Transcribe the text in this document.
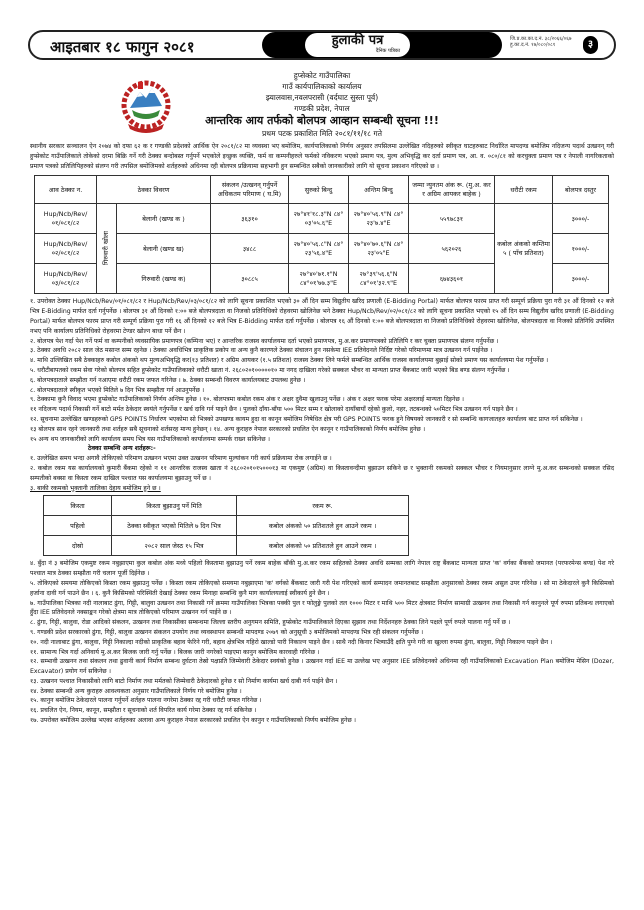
आइतबार १८ फागुन २०८१	हुलाकी पत्र
दैनिक पत्रिका
जि.प्र.का.का.द.नं. ३८/२०६६/०६७ हु.का.द.नं. १७/०८०/०८१	३
हुप्सेकोट गाउँपालिका
गाउँ कार्यपालिकाको कार्यालय
झ्यालवास,नवलपरासी (वर्दघाट सुस्ता पूर्व)
गण्डकी प्रदेश, नेपाल
आन्तरिक आय तर्फको बोलपत्र आव्हान सम्बन्धी सूचना !!!
प्रथम पटक प्रकाशित मिति २०८१/११/१८ गते
स्थानीय सरकार सञ्चालन ऐन २०७४ को दफा ६२ क र गण्डकी प्रदेशको आर्थिक ऐन २०८१/८२ मा व्यवस्था भए बमोजिम, कार्यपालिकाको निर्णय अनुसार तपसिलमा उल्लेखित नदिहरुको स्वीकृत घाटहरुबाट निर्धारित मापदण्ड बमोजिम नदिजन्य पदार्थ उत्खनन् गरी हुप्सेकोट गाउँपालिकाले तोकेको दरमा बिक्रि गर्ने गरी ठेक्का बन्दोबस्त गर्नुपर्ने भएकोले इच्छुक व्यक्ति, फर्म वा कम्पनीहरुले फर्मको नविकरण भएको प्रमाण पत्र, मुल्य अभिवृद्धि कर दर्ता प्रमाण पत्र, आ. व. ०८०/८१ को करचुक्ता प्रमाण पत्र र नेपाली नागरिकताको प्रमाण पत्रको प्रतिलिपिहरुको संलग्न गरी तपसिल बमोजिमको शर्तहरुको अधिनमा रही बोलपत्र प्रक्रियामा सहभागी हुन सम्बन्धित सबैको जानकारीको लागि यो सूचना प्रकाशन गरिएको छ ।
आव ठेक्का न.	ठेक्का विवरण		संकलन /उत्खनन् गर्नुपर्ने अधिकतम परिमाण ( घ.मि)	सुरुको बिन्दु	अन्तिम बिन्दु	जम्मा न्युनतम अंक रू. (मु.अ. कर र अग्रिम आयकर बाहेक )	धरौटी रकम	बोलपत्र दस्तुर
Hup/Ncb/Rev/ ०१/०८१/८२	गिरुवारी खोला	बेलानी (खण्ड क )	३६३१०	२७°४१'१८.३"N ८४° ०३'०५.६"E	२७°४०'५६.९"N ८४° २३'७.४"E	५५९७८३१	कबोल अंकको कम्तिमा ५ ( पाँच प्रतिशत)	३०००/-
Hup/Ncb/Rev/ ०२/०८१/८२		बेलानी (खण्ड ख)	३४८८	२७°४०'५६.८"N ८४° २३'५६.४"E	२७°४०'७०.६"N ८४° २३'०५"E	५६२०२६		१०००/-
Hup/Ncb/Rev/ ०३/०८१/८२		गिरुवारी (खण्ड क)	३०८८५	२७°४०'७१.१"N ८४°०१'७७.३"E	२७°३९'५६.६"N ८४°०१'३२.९"E	६७४३६०१		३०००/-

१. उपरोक्त ठेक्का Hup/Ncb/Rev/०१/०८१/८२ र Hup/Ncb/Rev/०३/०८१/८२ को लागि सूचना प्रकाशित भएको ३० औं दिन सम्म विद्युतीय खरिद प्रणाली (E-Bidding Portal) मार्फत बोलपत्र फारम प्राप्त गरी सम्पूर्ण प्रक्रिया पुरा गरी ३१ औं दिनको १२ बजे भित्र E-Bidding मार्फत दर्ता गर्नुपर्नेछ । बोलपत्र ३१ औं दिनको १:०० बजे बोलपत्रदाता वा निजको प्रतिनिधिको रोहवरमा खोलिनेछ भने ठेक्का Hup/Ncb/Rev/०२/०८१/८२ को लागि सूचना प्रकाशित भएको १५ औं दिन सम्म विद्युतीय खरिद प्रणाली (E-Bidding Portal) मार्फत बोलपत्र फारम प्राप्त गरी सम्पूर्ण प्रक्रिया पुरा गरी १६ औं दिनको १२ बजे भित्र E-Bidding मार्फत दर्ता गर्नुपर्नेछ । बोलपत्र १६ औं दिनको १:०० बजे बोलपत्रदाता वा निजको प्रतिनिधिको रोहवरमा खोलिनेछ, बोलपत्रदाता वा निजको प्रतिनिधि उपस्थित नभए पनि कार्यालय प्रतिनिधिको रोहवरमा टेण्डर खोल्न बाधा पर्ने छैन ।

२. बोलपत्र पेश गर्दा पेश गर्ने फर्म वा कम्पनीको व्यवसायिक प्रमाणपत्र (कम्पिना भए) र आन्तरिक राजस्व कार्यालयमा दर्ता भएको प्रमाणपत्र, मु.अ.कर प्रमाणपत्रको प्रतिलिपि र कर चुक्ता प्रमाणपत्र संलग्न गर्नुपर्नेछ ।

३. ठेक्का अवधि २०८२ साल जेठ मसान्त सम्म रहनेछ । ठेक्का अवधिभित्र प्राकृतिक प्रकोप वा अन्य कुनै कारणले ठेक्का संचालन हुन नसकेमा IEE प्रतिवेदनले निर्दिष्ट गरेको परिमाणमा मात्र उत्खनन गर्न पाईनेछ ।

४. माथि उल्लिखित सबै ठेक्काहरु कबोल अंकको थप मुल्यअभिवृद्धि कर(१३ प्रतिशत) र अग्रिम आयकर (१.५ प्रतिशत) राजस्व ठेक्का लिने फर्मले सम्बन्धित आर्थिक राजस्व कार्यालयमा बुझाई सोको प्रमाण यस कार्यालयमा पेश गर्नुपर्नेछ ।

५. धरौटीबापतको रकम सेवा गरेको बोलपत्र सहित हुप्सेकोट गाउँपालिकाको धरौटी खाता नं. २६८०२०१०००००१० मा नगद दाखिला गरेको सक्कल भौचर वा मान्यता प्राप्त बैंकबाट जारी भएको बिड बण्ड संलग्न गर्नुपर्नेछ ।

६. बोलपत्रदाताले सम्झौता गर्न नआएमा धरौटी रकम जफत गरिनेछ । ७. ठेक्का सम्बन्धी विवरण कार्यालयबाट उपलब्ध हुनेछ ।

८. बोलपत्रदाताले स्वीकृत भएको मितिले ७ दिन भित्र सम्झौता गर्न आउनुपर्नेछ ।

९. ठेक्कामा कुनै विवाद भएमा हुप्सेकोट गाउँपालिकाको निर्णय अन्तिम हुनेछ । १०. बोलपत्रमा कबोल रकम अंक र अक्षर दुवैमा खुलाउनु पर्नेछ । अंक र अक्षर फरक परेमा अक्षरलाई मान्यता दिइनेछ ।

११ नदिजन्य पदार्थ निकासी गर्ने बाटो मर्मत ठेकेदार स्वयंले गर्नुपर्नेछ र खर्च दावि गर्न पाइने छैन । पुलको दाँया-बाँया ५०० मिटर सम्म र खोलाको दायाँबायाँ रहेको कुलो, नहर, तटबन्धको ५०मिटर भित्र उत्खनन गर्न पाइने छैन ।

१२. सूचनामा उल्लेखित खण्डहरुको GPS POINTS निर्धारण भएकोमा सो भित्रको उपखण्ड कायम हुदा वा कानून बमोजिम निषेधित क्षेत्र परी GPS POINTS फरक हुने विषयको जानकारी र सो सम्बन्धि कागजातहरु कार्यालय बाट प्राप्त गर्न सकिनेछ ।

१३ बोलपत्र साथ रहने जानकारी तथा शर्तहरु सबै सूचनाको शर्तसरह मान्य हुनेछन् । १४. अन्य कुराहरु नेपाल सरकारको प्रचलित ऐन कानून र गाउँपालिकाको निर्णय बमोजिम हुनेछ ।

१५ अन्य थप जानकारीको लागि कार्यालय समय भित्र यस गाउँपालिकाको कार्यालयमा सम्पर्क राख्न सकिनेछ ।

ठेक्का सम्बन्धि अन्य शर्तहरू:-

१. उल्लेखित समय भन्दा अगावै तोकिएको परिमाण उत्खनन भएमा उक्त उत्खनन परिमाण मुल्यांकन गरी कार्य प्रक्रियामा रोक लगाईने छ ।

२. कबोल रकम यस कार्यालयको कुमारी बैंकमा रहेको न ११ आन्तरिक राजस्व खाता नं २६८०२०१०१५०००१३ मा एकमुष्ट (अग्रिम) वा किस्तावन्दीमा बुझाउन सकिने छ र भुक्तानी रकमको सक्कल भौचर र नियमानुसार लाग्ने मु.अ.कर सम्बन्धको सक्कल रसिद सम्पतीको बक्सा वा किस्ता रकम दाखिल पश्चात यस कार्यालयमा बुझाउनु पर्ने छ ।

३. बाकी रकमको भुक्तानी तालिका देहाय बमोजिम हुने छ ।

किस्ता	किस्ता बुझाउनु पर्ने मिति	रकम रू.
पहिलो	ठेक्का स्वीकृत भएको मितिले ७ दिन भित्र	कबोल अंकको ५० प्रतिशतले हुन आउने रकम ।
दोस्रो	२०८२ साल जेस्ठ १५ भित्र	कबोल अंकको ५० प्रतिशतले हुन आउने रकम ।

४. बुँदा नं ३ बमोजिम एकमुष्ट रकम नबुझाएमा कुल कबोल अंक मध्ये पहिलो किस्तामा बुझाउनु पर्ने रकम बाहेक बाँकी मु.अ.कर रकम सहितको ठेक्का अवधि सम्मका लागि नेपाल राष्ट्र बैंकबाट मान्यता प्राप्त 'क' वर्गका बैंकको जमानत (परफरमेन्स बण्ड) पेश गरे पश्चात मात्र ठेक्का सम्झौता गरी चलान पूर्जी दिईनेछ ।

५. तोकिएको समयमा तोकिएको किस्ता रकम बुझाउनु पर्नेछ । किस्ता रकम तोकिएको समयमा नबुझाएमा 'क' वर्गको बैंकबाट जारी गरी पेश गरिएको कार्य सम्पादन जमानतबाट सम्झौता अनुसारको ठेक्का रकम असुल उपर गरिनेछ । सो मा ठेकेदारले कुनै किसिमको हर्जाना दावी गर्न पाउने छैन । ६. कुनै किसिमको परिस्थिती देखाई ठेक्का रकम मिनाहा सम्बन्धि कुनै माग कार्यालयलाई स्वीकार्य हुने छैन ।

७. गाउँपालिका भित्रका नदी नालाबाट ढुंगा, गिट्टी, बालुवा उत्खनन तथा निकासी गर्ने क्रममा गाउँपालिका भित्रका पक्की पुल र फोलुङ्गे पुलको तल १००० मिटर र माथि ५०० मिटर क्षेत्रबाट निर्माण सामाग्री उत्खनन तथा निकासी गर्न कानुनले पूर्ण रुपमा प्रतिबन्ध लगाएको हुँदा IEE प्रतिवेदनले नक्साङ्कन गरेको क्षेत्रमा मात्र तोकिएको परिमाण उत्खनन गर्न पाईने छ ।

८. ढुंगा, गिट्टी, बालुवा, रोडा आदिको संकलन, उत्खनन तथा निकासीका सम्बन्धमा जिल्ला स्तरीय अनुगमन समिति, हुप्सेकोट गाउँपालिकाले दिएका सुझाव तथा निर्देशनहरु ठेक्का लिने पक्षले पूर्ण रुपले पालना गर्नु पर्ने छ ।

९. गण्डकी प्रदेश सरकारको ढुंगा, गिट्टी, बालुवा उत्खनन संकलन उपयोग तथा व्यवस्थापन सम्बन्धी मापदण्ड २०७९ को अनुसूची ३ बमोजिमको मापदण्ड भित्र रही संकलन गर्नुपर्नेछ ।

१०. नदी नालाबाट ढुंगा, बालुवा, गिट्टी निकाल्दा नदीको प्राकृतिक बहाव फेरिने गरी, बहाव क्षेत्रभित्र गहिरो खाल्डो पारी निकाल्न पाइने छैन । साथै नदी किनार भित्र्याउँदै क्षति पुग्ने गरी वा खुल्ला रुपमा ढुंगा, बालुवा, गिट्टी निकाल्न पाइने छैन ।

११. सामान्य भित्र गर्दा अनिवार्य मु.अ.कर बिजक जारी गर्नु पर्नेछ । बिजक जारी नगरेको पाइएमा कानुन बमोजिम कारवाही गरिनेछ ।

१२. सम्भावी उत्खनन तथा संकलन तथा ढुवानी कार्य निर्माण सम्बन्ध दुर्घटना तेस्रो पक्षप्रति जिम्मेवारी ठेकेदार स्वयंको हुनेछ । उत्खनन गर्दा IEE मा उल्लेख भए अनुसार IEE प्रतिवेदनको अधिनमा रही गाउँपालिकाको Excavation Plan बमोजिम मेसिन (Dozer, Excavator) प्रयोग गर्न सकिनेछ ।

१३. उत्खनन पश्चात निकासीको लागि बाटो निर्माण तथा मर्मतको जिम्मेवारी ठेकेदारको हुनेछ र सो निर्माण कार्यमा खर्च दाबी गर्न पाईने छैन ।

१४. ठेक्का सम्बन्धी अन्य कुराहरु आवश्यकता अनुसार गाउँपालिकाले निर्णय गरे बमोजिम हुनेछ ।

१५. कानुन बमोजिम ठेकेदारले पालना गर्नुपर्ने शर्तहरु पालना नगरेमा ठेक्का रद्द गरी धरौटी जफत गरिनेछ ।

१६. प्रचलित ऐन, नियम, कानून, सम्झौता र सूचनाको शर्त विपरित कार्य गरेमा ठेक्का रद्द गर्न सकिनेछ ।

१७. उपरोक्त बमोजिम उल्लेख भएका शर्तहरुका अलावा अन्य कुराहरु नेपाल सरकारको प्रचलित ऐन कानुन र गाउँपालिकाको निर्णय बमोजिम हुनेछ ।
